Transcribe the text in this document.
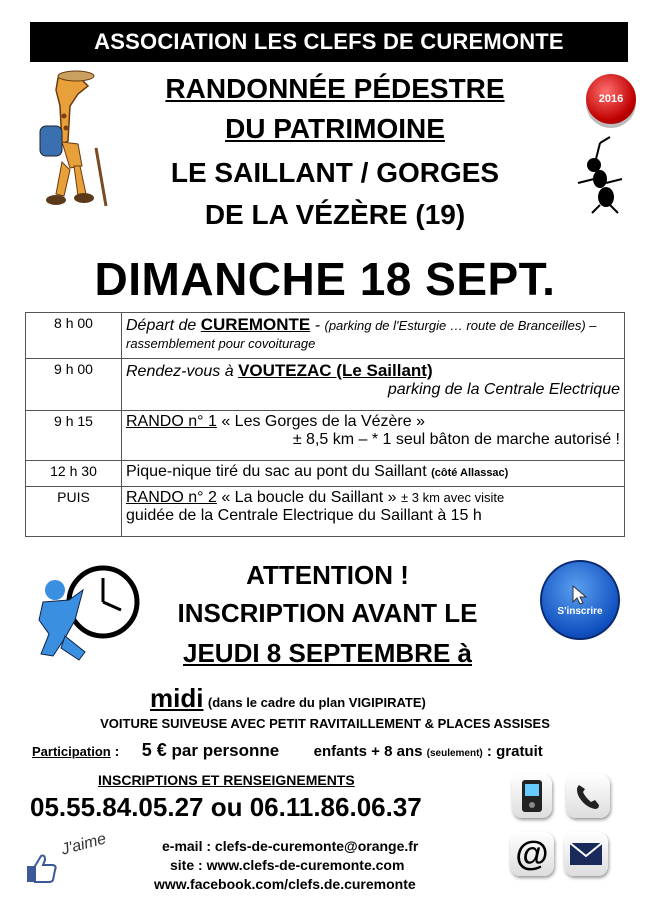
ASSOCIATION LES CLEFS DE CUREMONTE
RANDONNÉE PÉDESTRE
DU PATRIMOINE
LE SAILLANT / GORGES
DE LA VÉZÈRE (19)
2016
DIMANCHE 18 SEPT.
8 h 00	Départ de CUREMONTE - (parking de l'Esturgie … route de Branceilles) – rassemblement pour covoiturage
9 h 00	Rendez-vous à VOUTEZAC (Le Saillant)
parking de la Centrale Electrique

9 h 15	RANDO n° 1 « Les Gorges de la Vézère »
± 8,5 km – * 1 seul bâton de marche autorisé !

12 h 30	Pique-nique tiré du sac au pont du Saillant (côté Allassac)
PUIS	RANDO n° 2 « La boucle du Saillant » ± 3 km avec visite
guidée de la Centrale Electrique du Saillant à 15 h
ATTENTION !
INSCRIPTION AVANT LE
JEUDI 8 SEPTEMBRE à
S'inscrire
midi (dans le cadre du plan VIGIPIRATE)
VOITURE SUIVEUSE AVEC PETIT RAVITAILLEMENT & PLACES ASSISES
Participation : 5 € par personne enfants + 8 ans (seulement) : gratuit
INSCRIPTIONS ET RENSEIGNEMENTS
05.55.84.05.27 ou 06.11.86.06.37
e-mail : clefs-de-curemonte@orange.fr
site : www.clefs-de-curemonte.com
www.facebook.com/clefs.de.curemonte
J'aime	@
